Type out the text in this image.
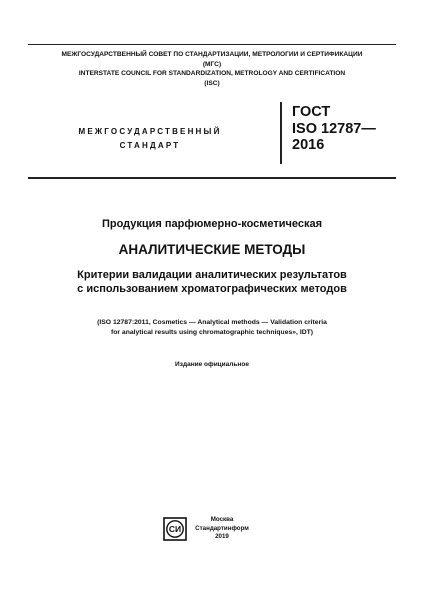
МЕЖГОСУДАРСТВЕННЫЙ СОВЕТ ПО СТАНДАРТИЗАЦИИ, МЕТРОЛОГИИ И СЕРТИФИКАЦИИ
(МГС)
INTERSTATE COUNCIL FOR STANDARDIZATION, METROLOGY AND CERTIFICATION
(ISC)
МЕЖГОСУДАРСТВЕННЫЙ
СТАНДАРТ
ГОСТ
ISO 12787—
2016
Продукция парфюмерно-косметическая
АНАЛИТИЧЕСКИЕ МЕТОДЫ
Критерии валидации аналитических результатов
с использованием хроматографических методов
(ISO 12787:2011, Cosmetics — Analytical methods — Validation criteria
for analytical results using chromatographic techniques», IDT)
Издание официальное
СИ
Москва
Стандартинформ
2019
